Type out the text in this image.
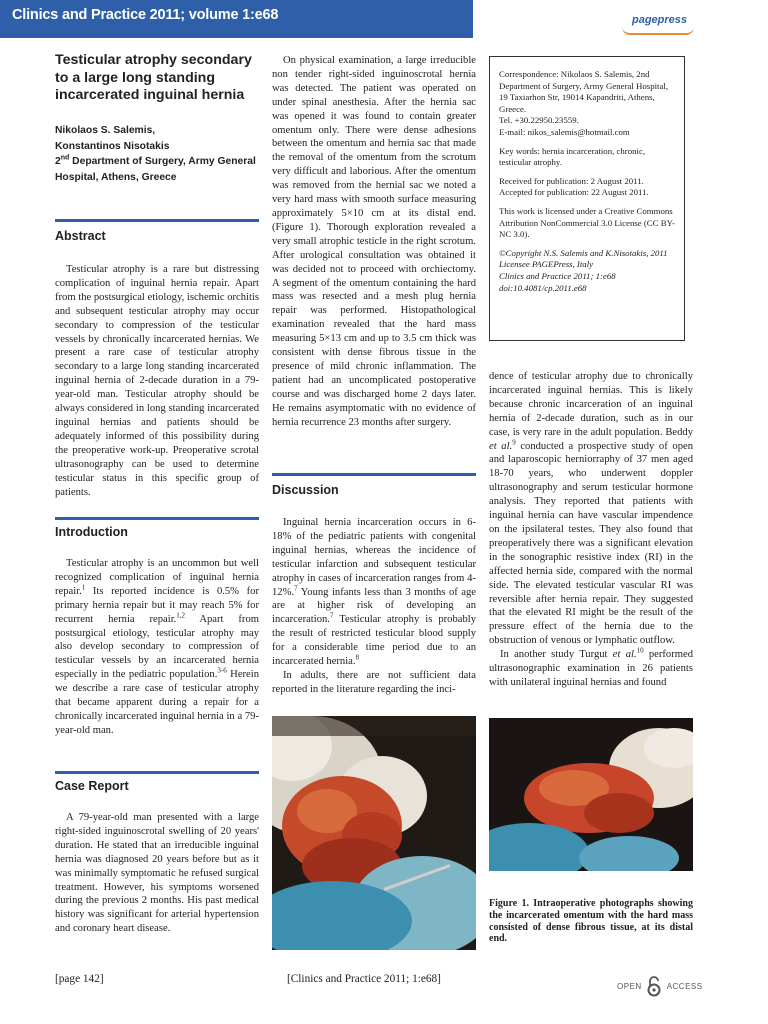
Clinics and Practice 2011; volume 1:e68	pagepress
Testicular atrophy secondary to a large long standing incarcerated inguinal hernia
Nikolaos S. Salemis,
Konstantinos Nisotakis
2nd Department of Surgery, Army General Hospital, Athens, Greece
Abstract

Testicular atrophy is a rare but distressing complication of inguinal hernia repair. Apart from the postsurgical etiology, ischemic orchitis and subsequent testicular atrophy may occur secondary to compression of the testicular vessels by chronically incarcerated hernias. We present a rare case of testicular atrophy secondary to a large long standing incarcerated inguinal hernia of 2-decade duration in a 79-year-old man. Testicular atrophy should be always considered in long standing incarcerated inguinal hernias and patients should be adequately informed of this possibility during the preoperative work-up. Preoperative scrotal ultrasonography can be used to determine testicular status in this specific group of patients.

Introduction

Testicular atrophy is an uncommon but well recognized complication of inguinal hernia repair.$^1$ Its reported incidence is 0.5% for primary hernia repair but it may reach 5% for recurrent hernia repair.$^{1,2}$ Apart from postsurgical etiology, testicular atrophy may also develop secondary to compression of testicular vessels by an incarcerated hernia especially in the pediatric population.$^{3-6}$ Herein we describe a rare case of testicular atrophy that became apparent during a repair for a chronically incarcerated inguinal hernia in a 79-year-old man.

Case Report

A 79-year-old man presented with a large right-sided inguinoscrotal swelling of 20 years' duration. He stated that an irreducible inguinal hernia was diagnosed 20 years before but as it was minimally symptomatic he refused surgical treatment. However, his symptoms worsened during the previous 2 months. His past medical history was significant for arterial hypertension and coronary heart disease.

On physical examination, a large irreducible non tender right-sided inguinoscrotal hernia was detected. The patient was operated on under spinal anesthesia. After the hernia sac was opened it was found to contain greater omentum only. There were dense adhesions between the omentum and hernia sac that made the removal of the omentum from the scrotum very difficult and laborious. After the omentum was removed from the hernial sac we noted a very hard mass with smooth surface measuring approximately 5×10 cm at its distal end. (Figure 1). Thorough exploration revealed a very small atrophic testicle in the right scrotum. After urological consultation was obtained it was decided not to proceed with orchiectomy. A segment of the omentum containing the hard mass was resected and a mesh plug hernia repair was performed. Histopathological examination revealed that the hard mass measuring 5×13 cm and up to 3.5 cm thick was consistent with dense fibrous tissue in the presence of mild chronic inflammation. The patient had an uncomplicated postoperative course and was discharged home 2 days later. He remains asymptomatic with no evidence of hernia recurrence 23 months after surgery.

Discussion

Inguinal hernia incarceration occurs in 6-18% of the pediatric patients with congenital inguinal hernias, whereas the incidence of testicular infarction and subsequent testicular atrophy in cases of incarceration ranges from 4-12%.$^7$ Young infants less than 3 months of age are at higher risk of developing an incarceration.$^7$ Testicular atrophy is probably the result of restricted testicular blood supply for a considerable time period due to an incarcerated hernia.$^8$

In adults, there are not sufficient data reported in the literature regarding the inci-

Correspondence: Nikolaos S. Salemis, 2nd Department of Surgery, Army General Hospital, 19 Taxiarhon Str, 19014 Kapandriti, Athens, Greece.
Tel. +30.22950.23559.
E-mail: nikos_salemis@hotmail.com

Key words: hernia incarceration, chronic, testicular atrophy.

Received for publication: 2 August 2011.
Accepted for publication: 22 August 2011.

This work is licensed under a Creative Commons Attribution NonCommercial 3.0 License (CC BY-NC 3.0).

©Copyright N.S. Salemis and K.Nisotakis, 2011

Licensee PAGEPress, Italy

Clinics and Practice 2011; 1:e68

doi:10.4081/cp.2011.e68

dence of testicular atrophy due to chronically incarcerated inguinal hernias. This is likely because chronic incarceration of an inguinal hernia of 2-decade duration, such as in our case, is very rare in the adult population. Beddy et al.$^9$ conducted a prospective study of open and laparoscopic herniorraphy of 37 men aged 18-70 years, who underwent doppler ultrasonography and serum testicular hormone analysis. They reported that patients with inguinal hernia can have vascular impendence on the ipsilateral testes. They also found that preoperatively there was a significant elevation in the sonographic resistive index (RI) in the affected hernia side, compared with the normal side. The elevated testicular vascular RI was reversible after hernia repair. They suggested that the elevated RI might be the result of the pressure effect of the hernia due to the obstruction of venous or lymphatic outflow.

In another study Turgut et al.$^{10}$ performed ultrasonographic examination in 26 patients with unilateral inguinal hernias and found

Figure 1. Intraoperative photographs showing the incarcerated omentum with the hard mass consisted of dense fibrous tissue, at its distal end.
[page 142]	[Clinics and Practice 2011; 1:e68]
OPEN	ACCESS
